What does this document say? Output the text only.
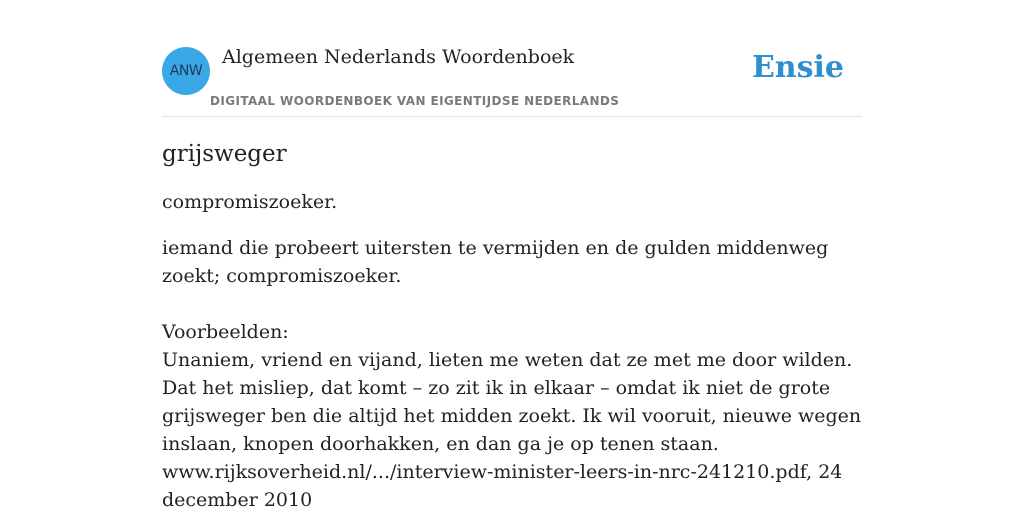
ANW
Algemeen Nederlands Woordenboek
DIGITAAL WOORDENBOEK VAN EIGENTIJDSE NEDERLANDS
Ensie
grijsweger

compromiszoeker.

iemand die probeert uitersten te vermijden en de gulden middenweg zoekt; compromiszoeker.

Voorbeelden:

Unaniem, vriend en vijand, lieten me weten dat ze met me door wilden. Dat het misliep, dat komt – zo zit ik in elkaar – omdat ik niet de grote grijsweger ben die altijd het midden zoekt. Ik wil vooruit, nieuwe wegen inslaan, knopen doorhakken, en dan ga je op tenen staan.

www.rijksoverheid.nl/.../interview-minister-leers-in-nrc-241210.pdf, 24 december 2010
